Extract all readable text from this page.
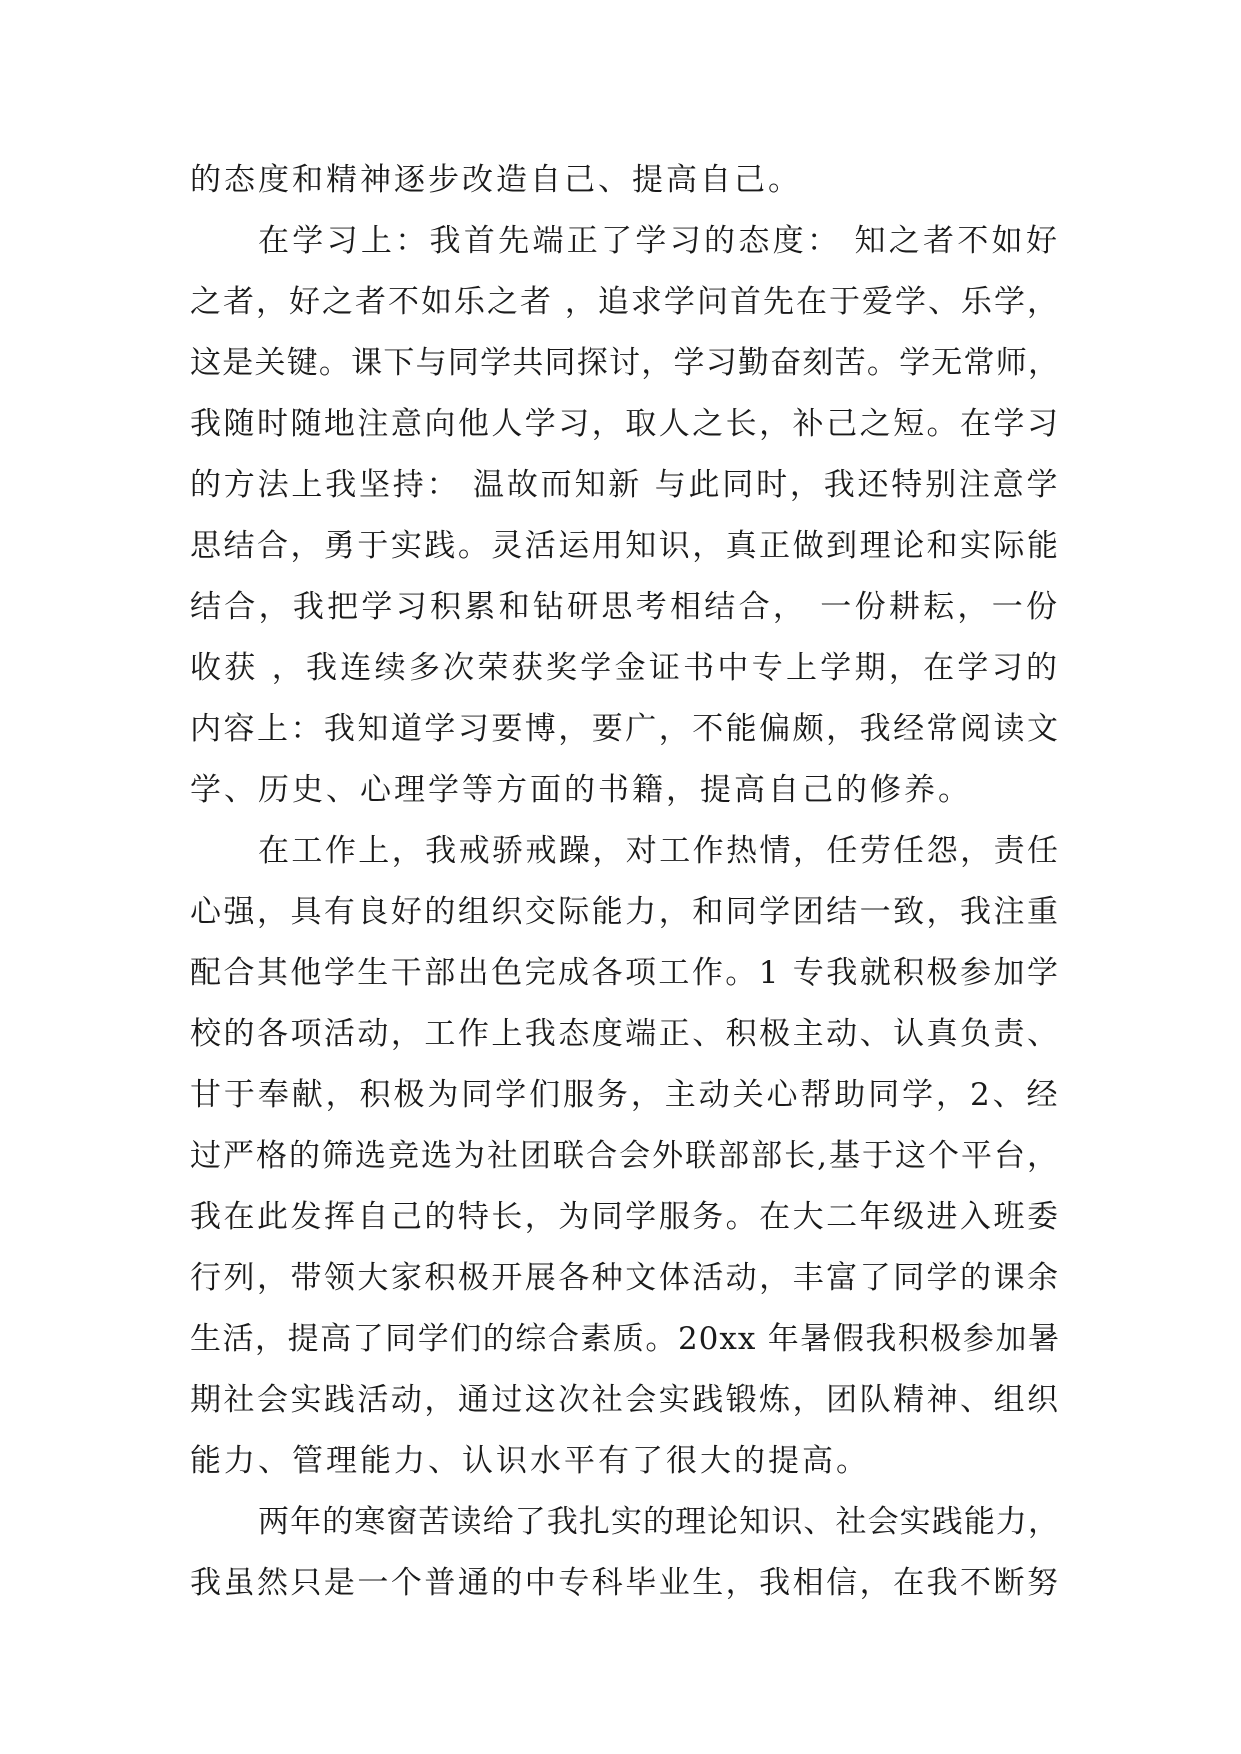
的态度和精神逐步改造自己、提高自己。
在学习上：我首先端正了学习的态度： 知之者不如好
之者，好之者不如乐之者 ，追求学问首先在于爱学、乐学，
这是关键。课下与同学共同探讨，学习勤奋刻苦。学无常师，
我随时随地注意向他人学习，取人之长，补己之短。在学习
的方法上我坚持： 温故而知新 与此同时，我还特别注意学
思结合，勇于实践。灵活运用知识，真正做到理论和实际能
结合，我把学习积累和钻研思考相结合， 一份耕耘，一份
收获 ，我连续多次荣获奖学金证书中专上学期，在学习的
内容上：我知道学习要博，要广，不能偏颇，我经常阅读文
学、历史、心理学等方面的书籍，提高自己的修养。
在工作上，我戒骄戒躁，对工作热情，任劳任怨，责任
心强，具有良好的组织交际能力，和同学团结一致，我注重
配合其他学生干部出色完成各项工作。1 专我就积极参加学
校的各项活动，工作上我态度端正、积极主动、认真负责、
甘于奉献，积极为同学们服务，主动关心帮助同学，2、经
过严格的筛选竞选为社团联合会外联部部长,基于这个平台，
我在此发挥自己的特长，为同学服务。在大二年级进入班委
行列，带领大家积极开展各种文体活动，丰富了同学的课余
生活，提高了同学们的综合素质。20xx 年暑假我积极参加暑
期社会实践活动，通过这次社会实践锻炼，团队精神、组织
能力、管理能力、认识水平有了很大的提高。
两年的寒窗苦读给了我扎实的理论知识、社会实践能力，
我虽然只是一个普通的中专科毕业生，我相信，在我不断努
